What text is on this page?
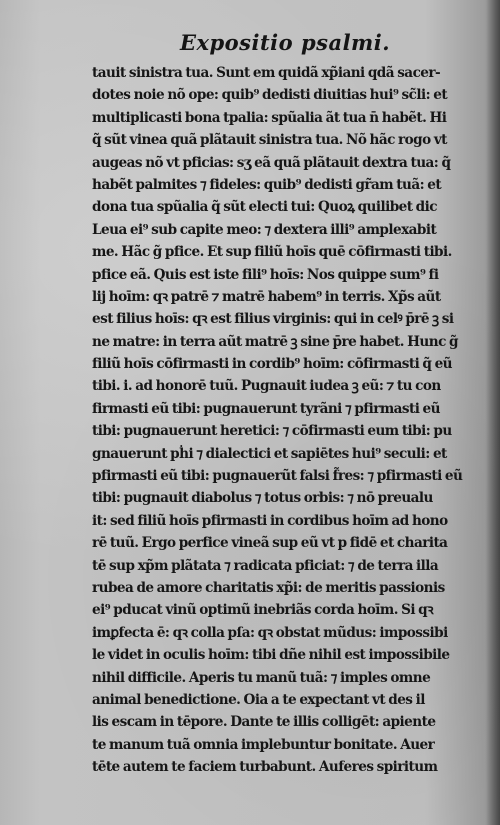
Expositio psalmi.
tauit sinistra tua. Sunt em quidã xp̃iani qdã sacer-
dotes noie nõ ope: quib⁹ dedisti diuitias hui⁹ sc̃li: et
multiplicasti bona tpalia: spũalia ãt tua n̄ habẽt. Hi
q̃ sũt vinea quã plãtauit sinistra tua. Nõ hãc rogo vt
augeas nõ vt pficias: sʒ eã quã plãtauit dextra tua: q̃
habẽt palmites ⁊ fideles: quib⁹ dedisti gr̃am tuã: et
dona tua spũalia q̃ sũt electi tui: Quoꝝ quilibet dic
Leua ei⁹ sub capite meo: ⁊ dextera illi⁹ amplexabit
me. Hãc g̃ pfice. Et sup filiũ hoīs quē cōfirmasti tibi.
pfice eã. Quis est iste fili⁹ hoīs: Nos quippe sum⁹ fi
lij hoīm: qꝛ patrē ⁊ matrē habem⁹ in terris. Xp̃s aũt
est filius hoīs: qꝛ est filius virginis: qui in celꝰ p̄rē ꝫ si
ne matre: in terra aũt matrē ꝫ sine p̄re habet. Hunc g̃
filiũ hoīs cōfirmasti in cordib⁹ hoīm: cōfirmasti q̃ eũ
tibi. i. ad honorē tuũ. Pugnauit iudea ꝫ eũ: ⁊ tu con
firmasti eũ tibi: pugnauerunt tyrãni ⁊ pfirmasti eũ
tibi: pugnauerunt heretici: ⁊ cōfirmasti eum tibi: pu
gnauerunt pḣi ⁊ dialectici et sapiētes hui⁹ seculi: et
pfirmasti eũ tibi: pugnauerũt falsi f̃res: ⁊ pfirmasti eũ
tibi: pugnauit diabolus ⁊ totus orbis: ⁊ nō preualu
it: sed filiũ hoīs pfirmasti in cordibus hoīm ad hono
rē tuũ. Ergo perfice vineã sup eũ vt p fidē et charita
tē sup xp̃m plãtata ⁊ radicata pficiat: ⁊ de terra illa
rubea de amore charitatis xp̃i: de meritis passionis
ei⁹ pducat vinũ optimũ inebriãs corda hoīm. Si qꝛ
imꝑfecta ē: qꝛ colla pſa: qꝛ obstat mũdus: impossibi
le videt in oculis hoīm: tibi dñe nihil est impossibile
nihil difficile. Aperis tu manũ tuã: ⁊ imples omne
animal benedictione. Oia a te expectant vt des il
lis escam in tēpore. Dante te illis colligēt: apiente
te manum tuã omnia implebuntur bonitate. Auer
tēte autem te faciem turbabunt. Auferes spiritum
